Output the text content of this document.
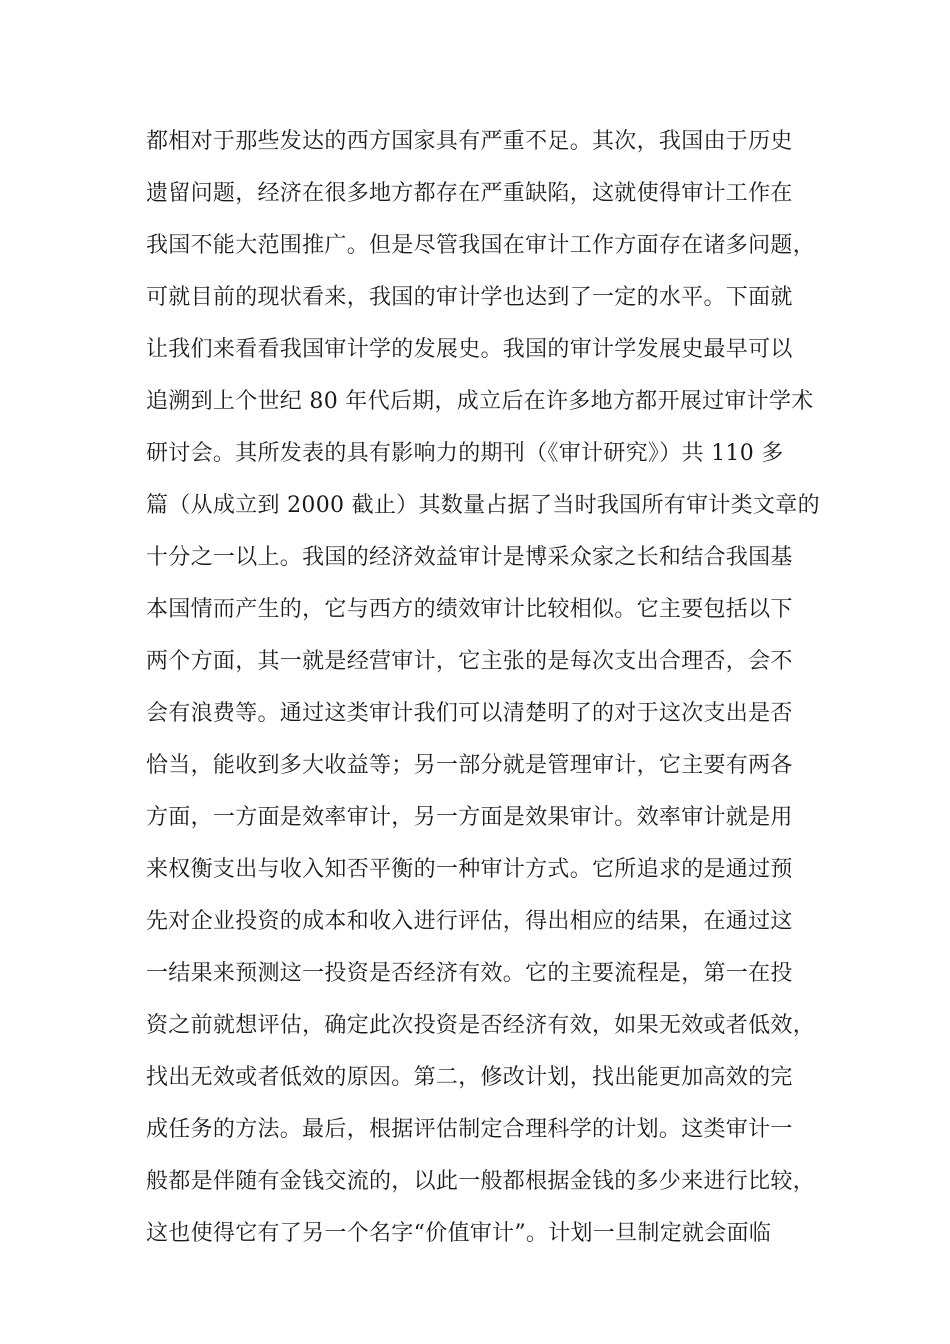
都相对于那些发达的西方国家具有严重不足。其次，我国由于历史
遗留问题，经济在很多地方都存在严重缺陷，这就使得审计工作在
我国不能大范围推广。但是尽管我国在审计工作方面存在诸多问题，
可就目前的现状看来，我国的审计学也达到了一定的水平。下面就
让我们来看看我国审计学的发展史。我国的审计学发展史最早可以
追溯到上个世纪 80 年代后期，成立后在许多地方都开展过审计学术
研讨会。其所发表的具有影响力的期刊（《审计研究》）共 110 多
篇（从成立到 2000 截止）其数量占据了当时我国所有审计类文章的
十分之一以上。我国的经济效益审计是博采众家之长和结合我国基
本国情而产生的，它与西方的绩效审计比较相似。它主要包括以下
两个方面，其一就是经营审计，它主张的是每次支出合理否，会不
会有浪费等。通过这类审计我们可以清楚明了的对于这次支出是否
恰当，能收到多大收益等；另一部分就是管理审计，它主要有两各
方面，一方面是效率审计，另一方面是效果审计。效率审计就是用
来权衡支出与收入知否平衡的一种审计方式。它所追求的是通过预
先对企业投资的成本和收入进行评估，得出相应的结果，在通过这
一结果来预测这一投资是否经济有效。它的主要流程是，第一在投
资之前就想评估，确定此次投资是否经济有效，如果无效或者低效，
找出无效或者低效的原因。第二，修改计划，找出能更加高效的完
成任务的方法。最后，根据评估制定合理科学的计划。这类审计一
般都是伴随有金钱交流的，以此一般都根据金钱的多少来进行比较，
这也使得它有了另一个名字“价值审计”。计划一旦制定就会面临
